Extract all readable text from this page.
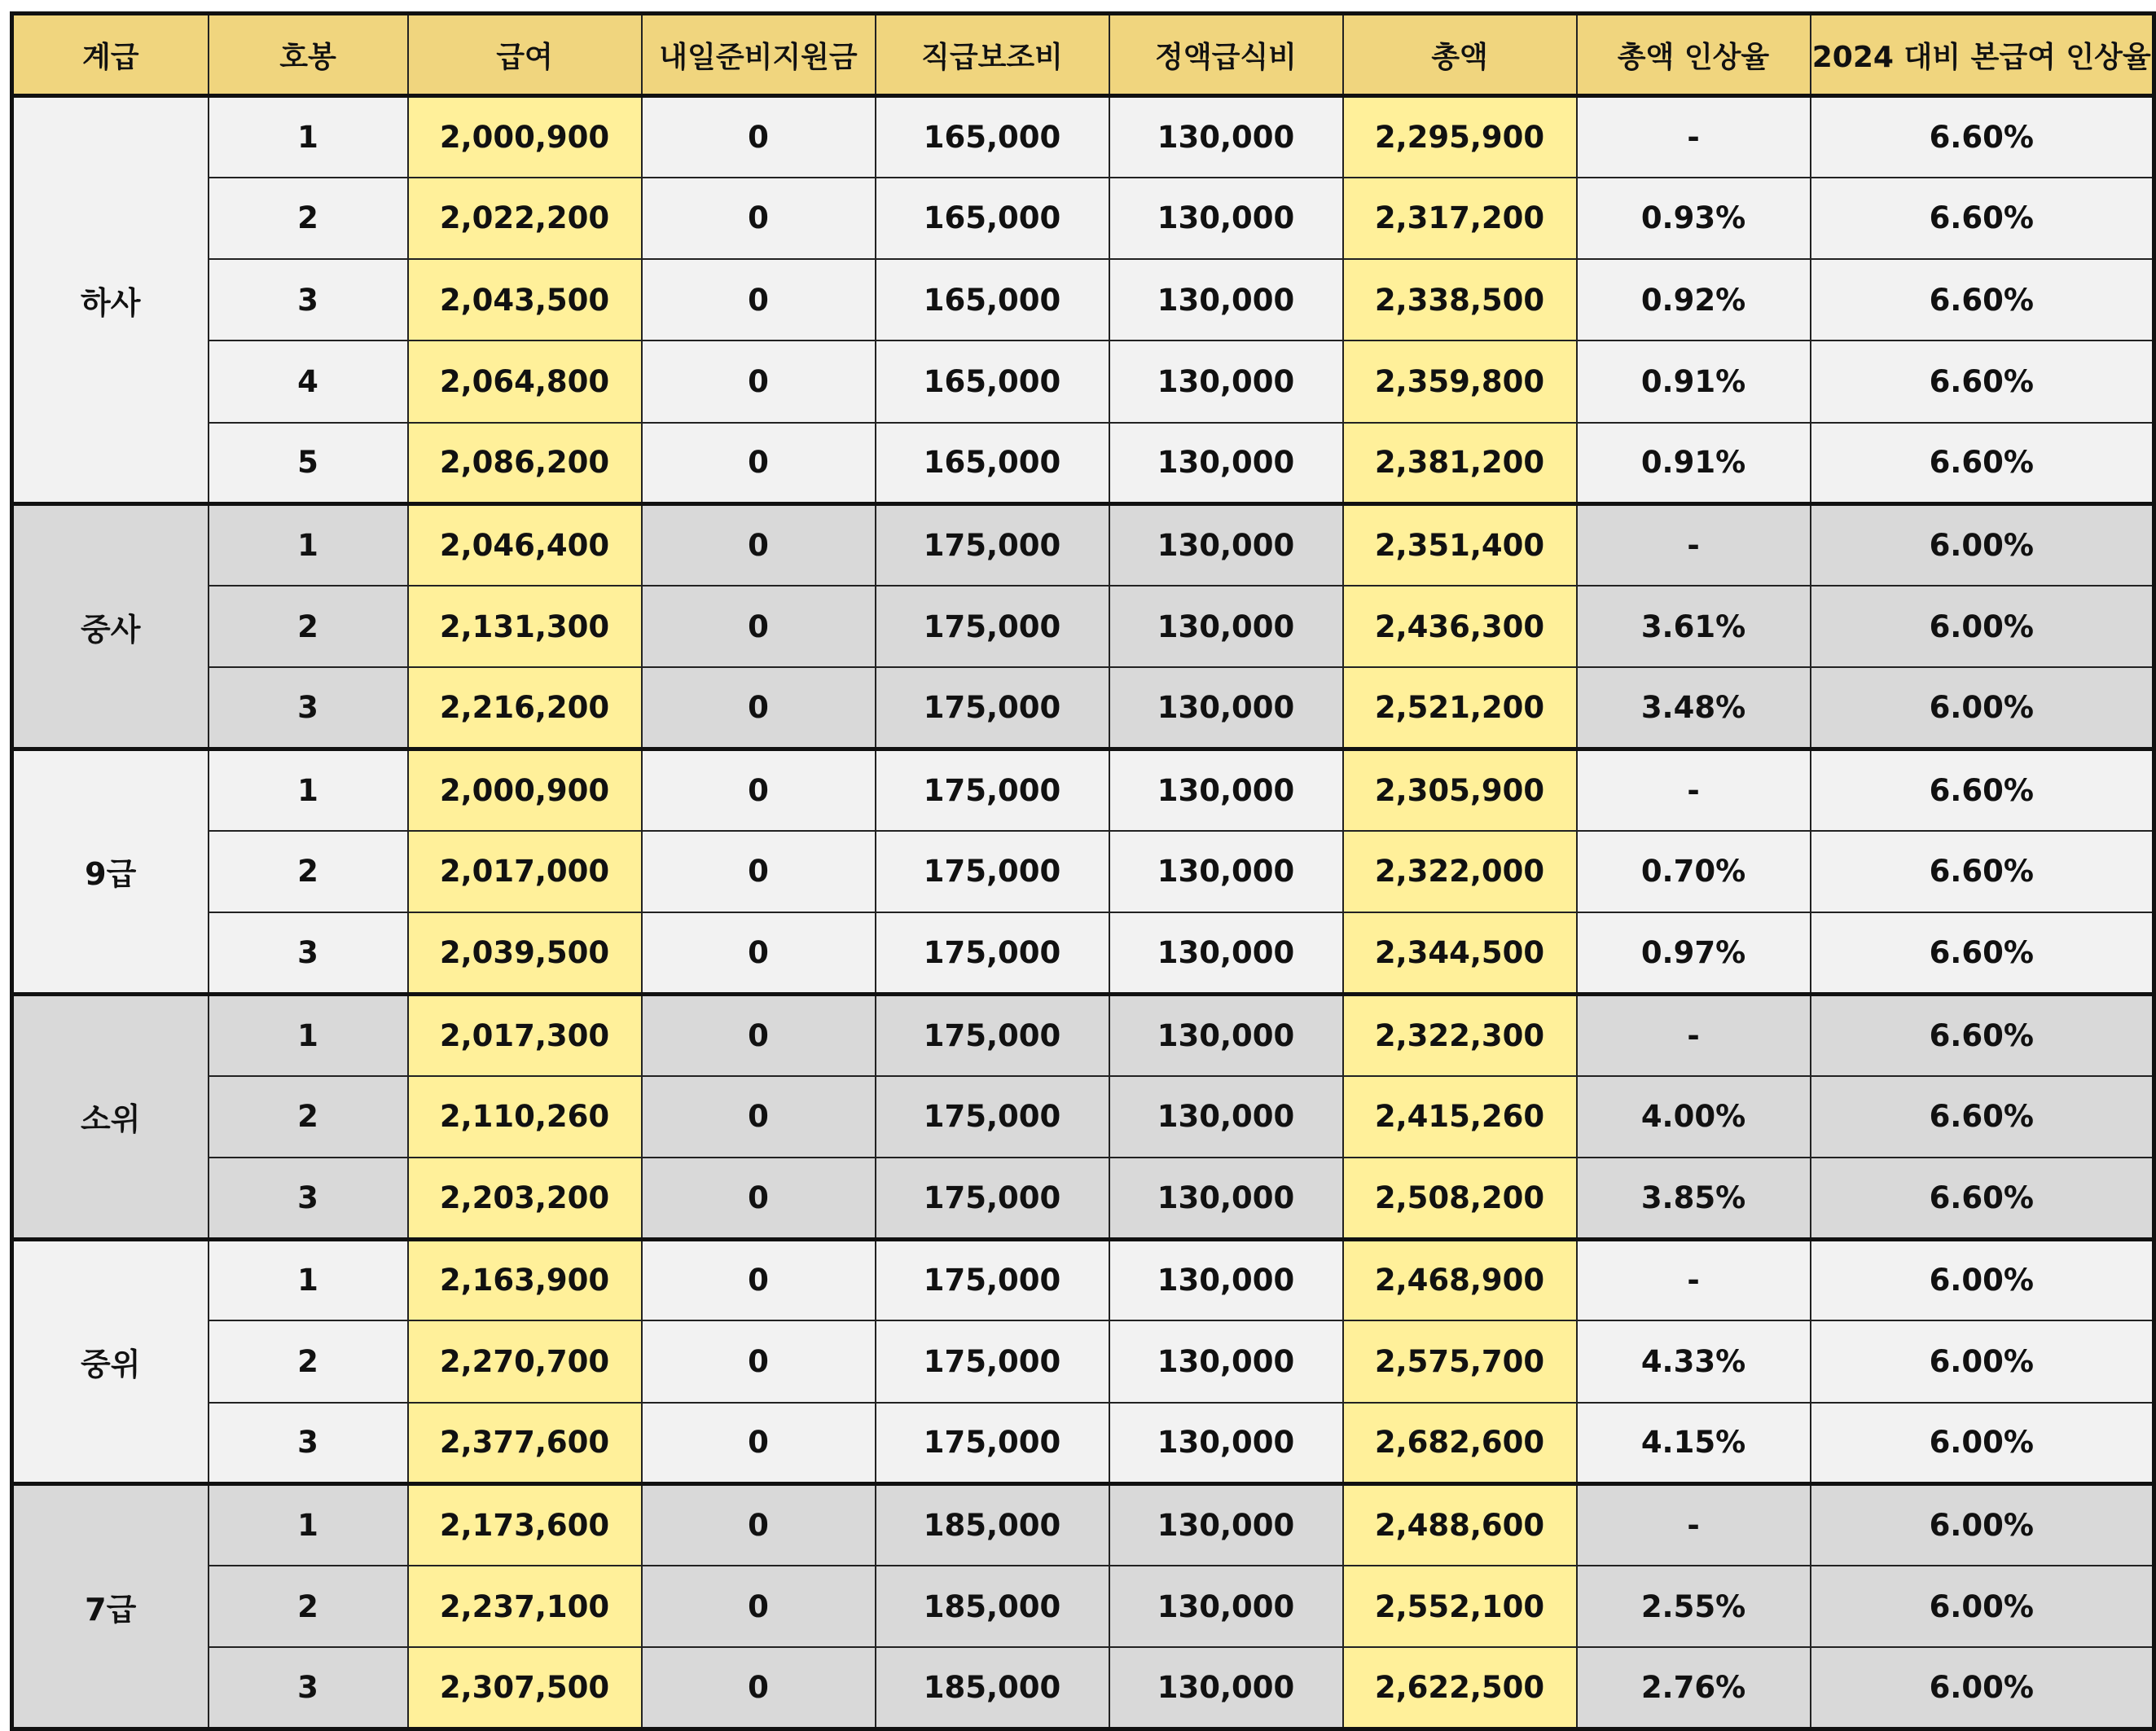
계급	호봉	급여	내일준비지원금	직급보조비	정액급식비	총액	총액 인상율	2024 대비 본급여 인상율
하사	1	2,000,900	0	165,000	130,000	2,295,900	-	6.60%
	2	2,022,200	0	165,000	130,000	2,317,200	0.93%	6.60%
	3	2,043,500	0	165,000	130,000	2,338,500	0.92%	6.60%
	4	2,064,800	0	165,000	130,000	2,359,800	0.91%	6.60%
	5	2,086,200	0	165,000	130,000	2,381,200	0.91%	6.60%
중사	1	2,046,400	0	175,000	130,000	2,351,400	-	6.00%
	2	2,131,300	0	175,000	130,000	2,436,300	3.61%	6.00%
	3	2,216,200	0	175,000	130,000	2,521,200	3.48%	6.00%
9급	1	2,000,900	0	175,000	130,000	2,305,900	-	6.60%
	2	2,017,000	0	175,000	130,000	2,322,000	0.70%	6.60%
	3	2,039,500	0	175,000	130,000	2,344,500	0.97%	6.60%
소위	1	2,017,300	0	175,000	130,000	2,322,300	-	6.60%
	2	2,110,260	0	175,000	130,000	2,415,260	4.00%	6.60%
	3	2,203,200	0	175,000	130,000	2,508,200	3.85%	6.60%
중위	1	2,163,900	0	175,000	130,000	2,468,900	-	6.00%
	2	2,270,700	0	175,000	130,000	2,575,700	4.33%	6.00%
	3	2,377,600	0	175,000	130,000	2,682,600	4.15%	6.00%
7급	1	2,173,600	0	185,000	130,000	2,488,600	-	6.00%
	2	2,237,100	0	185,000	130,000	2,552,100	2.55%	6.00%
	3	2,307,500	0	185,000	130,000	2,622,500	2.76%	6.00%
